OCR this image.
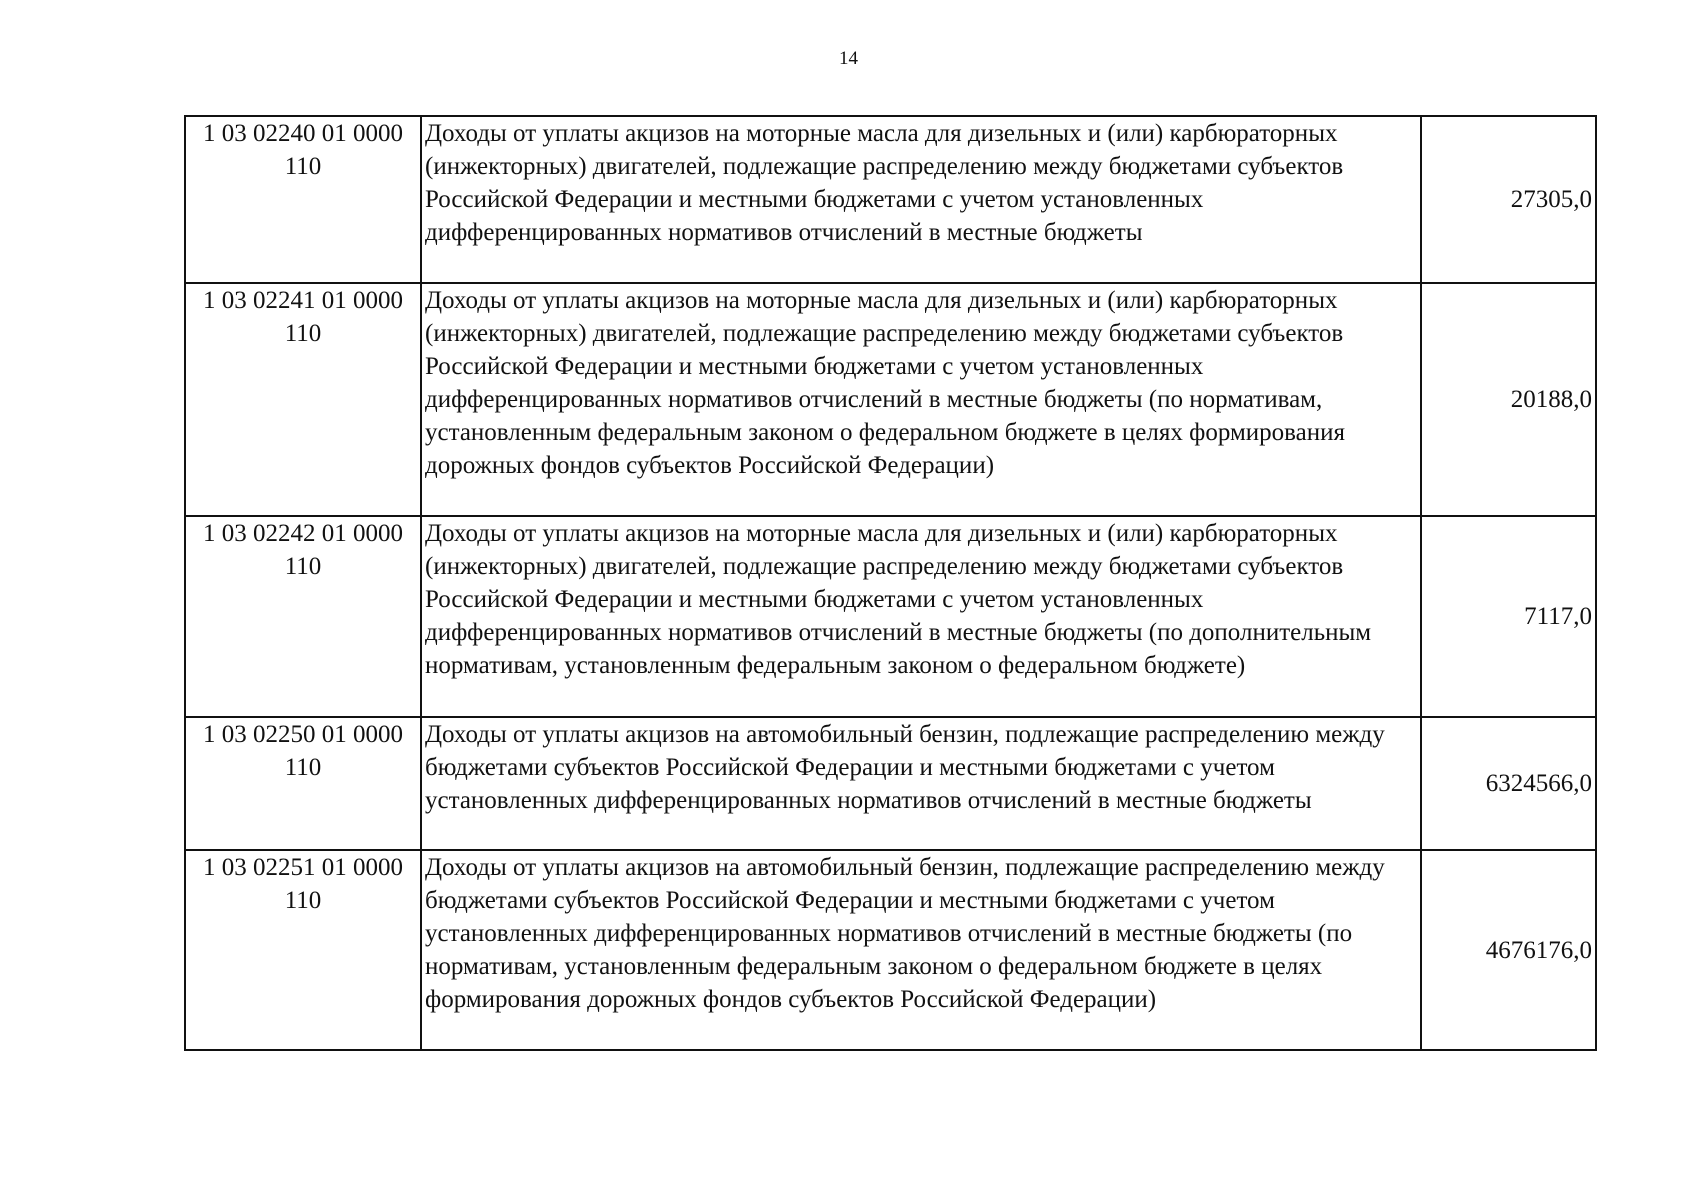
14
1 03 02240 01 0000
110	Доходы от уплаты акцизов на моторные масла для дизельных и (или) карбюраторных (инжекторных) двигателей, подлежащие распределению между бюджетами субъектов Российской Федерации и местными бюджетами с учетом установленных дифференцированных нормативов отчислений в местные бюджеты	27305,0
1 03 02241 01 0000
110	Доходы от уплаты акцизов на моторные масла для дизельных и (или) карбюраторных (инжекторных) двигателей, подлежащие распределению между бюджетами субъектов Российской Федерации и местными бюджетами с учетом установленных дифференцированных нормативов отчислений в местные бюджеты (по нормативам, установленным федеральным законом о федеральном бюджете в целях формирования дорожных фондов субъектов Российской Федерации)	20188,0
1 03 02242 01 0000
110	Доходы от уплаты акцизов на моторные масла для дизельных и (или) карбюраторных (инжекторных) двигателей, подлежащие распределению между бюджетами субъектов Российской Федерации и местными бюджетами с учетом установленных дифференцированных нормативов отчислений в местные бюджеты (по дополнительным нормативам, установленным федеральным законом о федеральном бюджете)	7117,0
1 03 02250 01 0000
110	Доходы от уплаты акцизов на автомобильный бензин, подлежащие распределению между бюджетами субъектов Российской Федерации и местными бюджетами с учетом установленных дифференцированных нормативов отчислений в местные бюджеты	6324566,0
1 03 02251 01 0000
110	Доходы от уплаты акцизов на автомобильный бензин, подлежащие распределению между бюджетами субъектов Российской Федерации и местными бюджетами с учетом установленных дифференцированных нормативов отчислений в местные бюджеты (по нормативам, установленным федеральным законом о федеральном бюджете в целях формирования дорожных фондов субъектов Российской Федерации)	4676176,0
